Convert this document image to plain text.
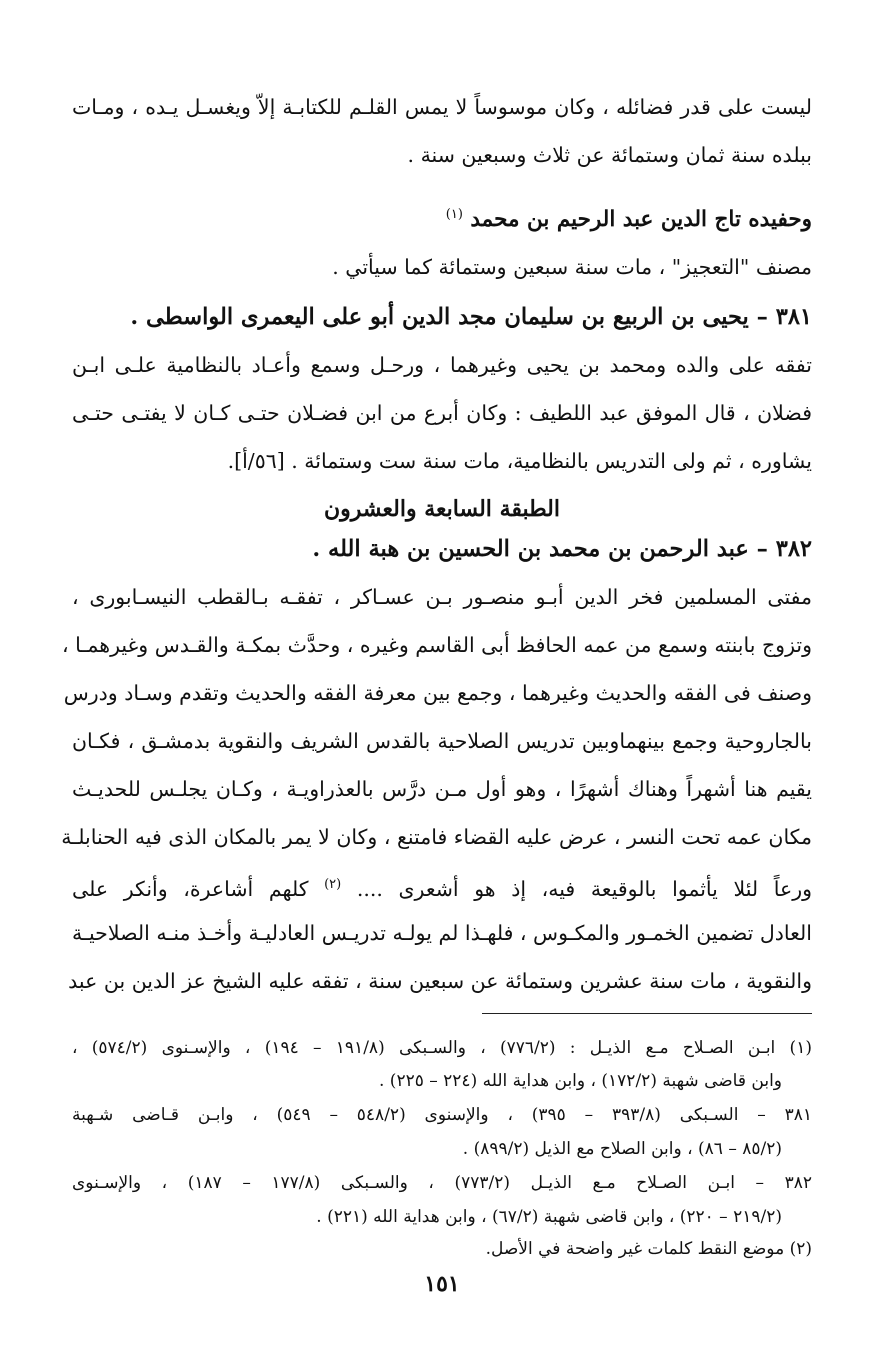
ليست على قدر فضائله ، وكان موسوساً لا يمس القلـم للكتابـة إلاّ ويغسـل يـده ، ومـات
ببلده سنة ثمان وستمائة عن ثلاث وسبعين سنة .
وحفيده تاج الدين عبد الرحيم بن محمد $^{(١)}$
مصنف "التعجيز" ، مات سنة سبعين وستمائة كما سيأتي .
٣٨١ – يحيى بن الربيع بن سليمان مجد الدين أبو على اليعمرى الواسطى .
تفقه على والده ومحمد بن يحيى وغيرهما ، ورحـل وسمع وأعـاد بالنظامية علـى ابـن
فضلان ، قال الموفق عبد اللطيف : وكان أبرع من ابن فضـلان حتـى كـان لا يفتـى حتـى
يشاوره ، ثم ولى التدريس بالنظامية، مات سنة ست وستمائة . [٥٦/أ].
الطبقة السابعة والعشرون
٣٨٢ – عبد الرحمن بن محمد بن الحسين بن هبة الله .
مفتى المسلمين فخر الدين أبـو منصـور بـن عسـاكر ، تفقـه بـالقطب النيسـابورى ،
وتزوج بابنته وسمع من عمه الحافظ أبى القاسم وغيره ، وحدَّث بمكـة والقـدس وغيرهمـا ،
وصنف فى الفقه والحديث وغيرهما ، وجمع بين معرفة الفقه والحديث وتقدم وسـاد ودرس
بالجاروحية وجمع بينهماوبين تدريس الصلاحية بالقدس الشريف والنقوية بدمشـق ، فكـان
يقيم هنا أشهراً وهناك أشهرًا ، وهو أول مـن درَّس بالعذراويـة ، وكـان يجلـس للحديـث
مكان عمه تحت النسر ، عرض عليه القضاء فامتنع ، وكان لا يمر بالمكان الذى فيه الحنابلـة
ورعاً لئلا يأثموا بالوقيعة فيه، إذ هو أشعرى .... $^{(٢)}$ كلهم أشاعرة، وأنكر على
العادل تضمين الخمـور والمكـوس ، فلهـذا لم يولـه تدريـس العادليـة وأخـذ منـه الصلاحيـة
والنقوية ، مات سنة عشرين وستمائة عن سبعين سنة ، تفقه عليه الشيخ عز الدين بن عبد
(١) ابـن الصـلاح مـع الذيـل : (٧٧٦/٢) ، والسـبكى (١٩١/٨ – ١٩٤) ، والإسـنوى (٥٧٤/٢) ،
وابن قاضى شهبة (١٧٢/٢) ، وابن هداية الله (٢٢٤ – ٢٢٥) .
٣٨١ – السـبكى (٣٩٣/٨ – ٣٩٥) ، والإسنوى (٥٤٨/٢ – ٥٤٩) ، وابـن قـاضى شـهبة
(٨٥/٢ – ٨٦) ، وابن الصلاح مع الذيل (٨٩٩/٢) .
٣٨٢ – ابـن الصـلاح مـع الذيـل (٧٧٣/٢) ، والسـبكى (١٧٧/٨ – ١٨٧) ، والإسـنوى
(٢١٩/٢ – ٢٢٠) ، وابن قاضى شهبة (٦٧/٢) ، وابن هداية الله (٢٢١) .
(٢) موضع النقط كلمات غير واضحة في الأصل.
١٥١
